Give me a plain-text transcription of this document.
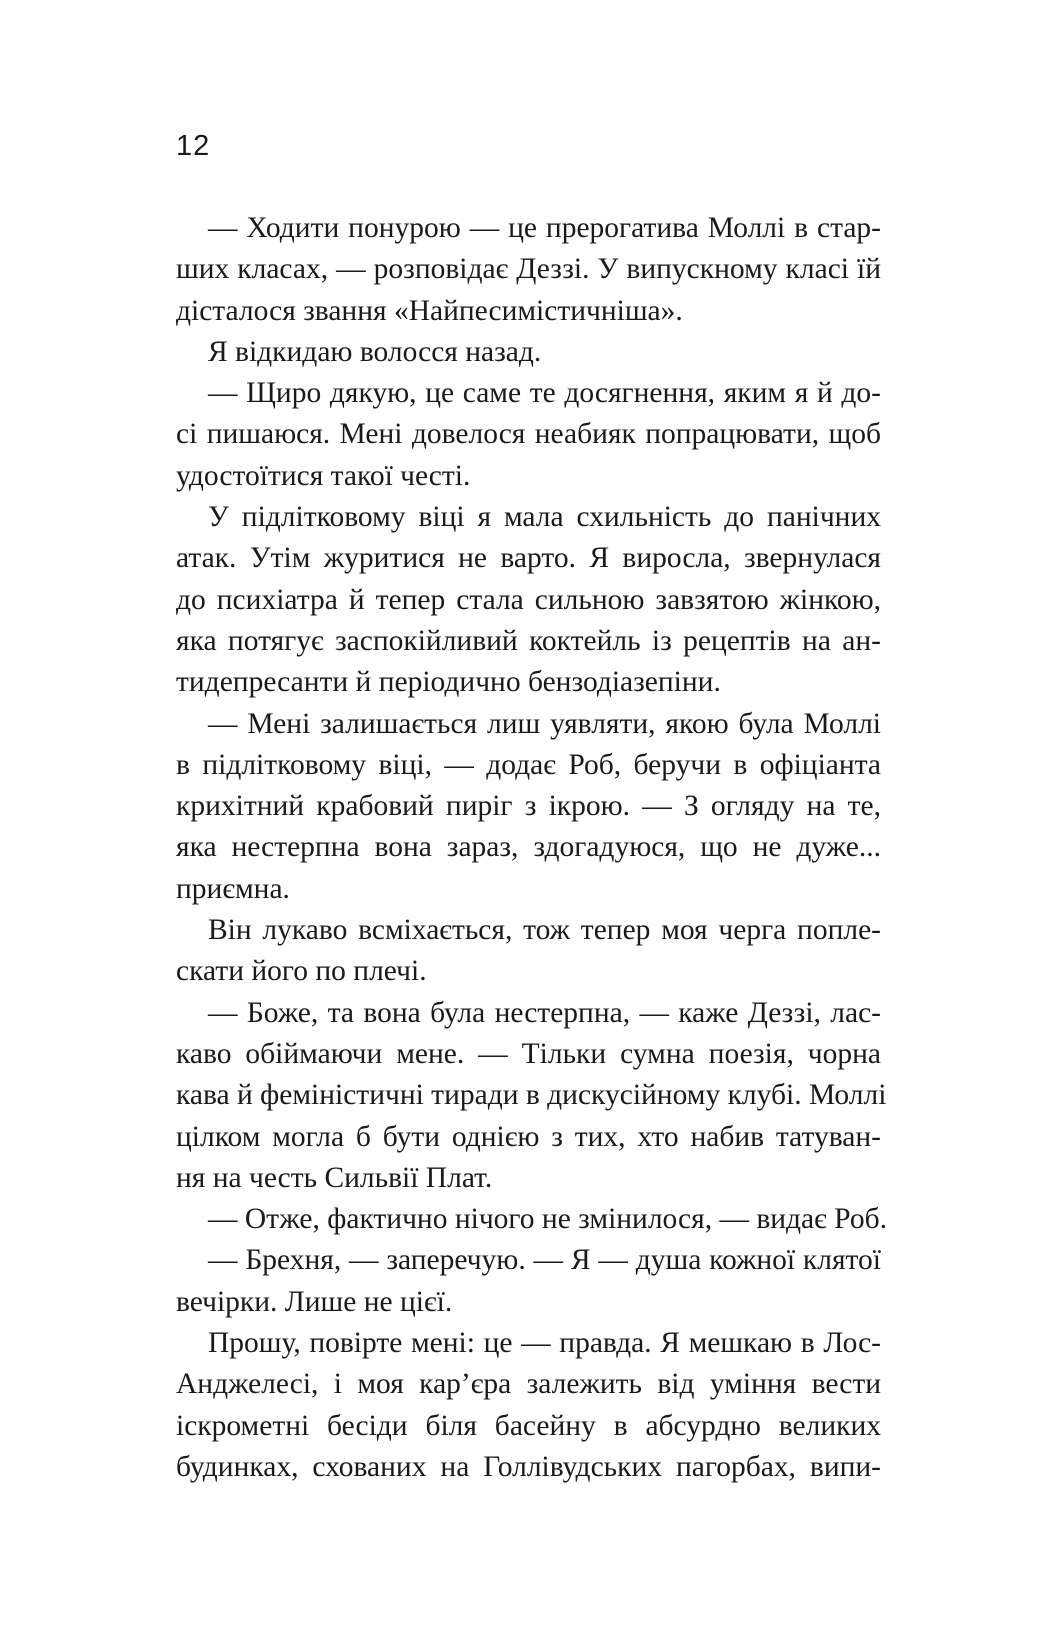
12
— Ходити понурою — це прерогатива Моллі в стар-
ших класах, — розповідає Деззі. У випускному класі їй
дісталося звання «Найпесимістичніша».
Я відкидаю волосся назад.
— Щиро дякую, це саме те досягнення, яким я й до-
сі пишаюся. Мені довелося неабияк попрацювати, щоб
удостоїтися такої честі.
У підлітковому віці я мала схильність до панічних
атак. Утім журитися не варто. Я виросла, звернулася
до психіатра й тепер стала сильною завзятою жінкою,
яка потягує заспокійливий коктейль із рецептів на ан-
тидепресанти й періодично бензодіазепіни.
— Мені залишається лиш уявляти, якою була Моллі
в підлітковому віці, — додає Роб, беручи в офіціанта
крихітний крабовий пиріг з ікрою. — З огляду на те,
яка нестерпна вона зараз, здогадуюся, що не дуже...
приємна.
Він лукаво всміхається, тож тепер моя черга попле-
скати його по плечі.
— Боже, та вона була нестерпна, — каже Деззі, лас-
каво обіймаючи мене. — Тільки сумна поезія, чорна
кава й феміністичні тиради в дискусійному клубі. Моллі
цілком могла б бути однією з тих, хто набив татуван-
ня на честь Сильвії Плат.
— Отже, фактично нічого не змінилося, — видає Роб.
— Брехня, — заперечую. — Я — душа кожної клятої
вечірки. Лише не цієї.
Прошу, повірте мені: це — правда. Я мешкаю в Лос-
Анджелесі, і моя кар’єра залежить від уміння вести
іскрометні бесіди біля басейну в абсурдно великих
будинках, схованих на Голлівудських пагорбах, випи-
